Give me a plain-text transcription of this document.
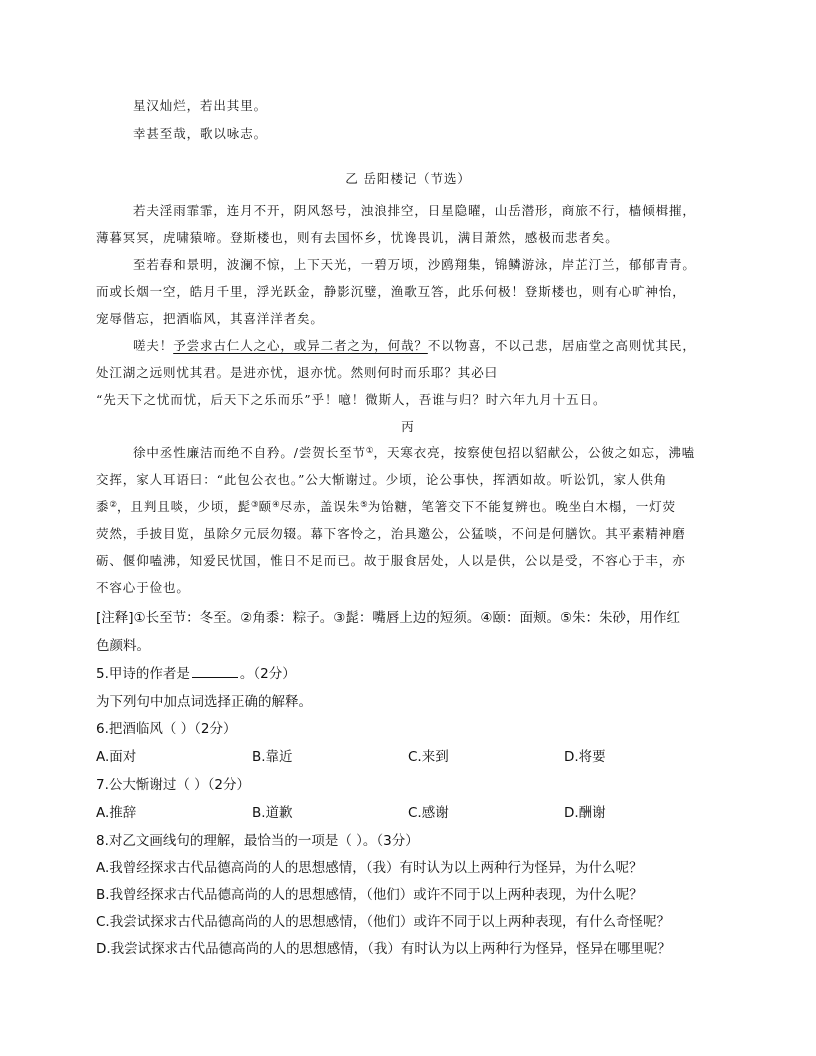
星汉灿烂，若出其里。
幸甚至哉，歌以咏志。
乙 岳阳楼记（节选）
若夫淫雨霏霏，连月不开，阴风怒号，浊浪排空，日星隐曜，山岳潜形，商旅不行，樯倾楫摧，
薄暮冥冥，虎啸猿啼。登斯楼也，则有去国怀乡，忧谗畏讥，满目萧然，感极而悲者矣。
至若春和景明，波澜不惊，上下天光，一碧万顷，沙鸥翔集，锦鳞游泳，岸芷汀兰，郁郁青青。
而或长烟一空，皓月千里，浮光跃金，静影沉璧，渔歌互答，此乐何极！登斯楼也，则有心旷神怡，
宠辱偕忘，把酒临风，其喜洋洋者矣。
嗟夫！予尝求古仁人之心，或异二者之为，何哉？不以物喜，不以己悲，居庙堂之高则忧其民，
处江湖之远则忧其君。是进亦忧，退亦忧。然则何时而乐耶？其必曰
“先天下之忧而忧，后天下之乐而乐”乎！噫！微斯人，吾谁与归？时六年九月十五日。
丙
徐中丞性廉洁而绝不自矜。/尝贺长至节①，天寒衣亮，按察使包招以貂献公，公彼之如忘，沸嗑
交挥，家人耳语曰：“此包公衣也。”公大惭谢过。少顷，论公事快，挥洒如故。听讼饥，家人供角
黍②，且判且啖，少顷，髭③颐④尽赤，盖误朱⑤为饴糖，笔箸交下不能复辨也。晚坐白木榻，一灯荧
荧然，手披目览，虽除夕元辰勿辍。幕下客怜之，治具邀公，公猛啖，不问是何膳饮。其平素精神磨
砺、偃仰嗑沸，知爱民忧国，惟日不足而已。故于服食居处，人以是供，公以是受，不容心于丰，亦
不容心于俭也。
[注释]①长至节：冬至。②角黍：粽子。③髭：嘴唇上边的短须。④颐：面颊。⑤朱：朱砂，用作红
色颜料。
5.甲诗的作者是	。（2分）
为下列句中加点词选择正确的解释。
6.把酒临风（ ）（2分）
A.面对	B.靠近	C.来到	D.将要
7.公大惭谢过（ ）（2分）
A.推辞	B.道歉	C.感谢	D.酬谢
8.对乙文画线句的理解，最恰当的一项是（ ）。（3分）
A.我曾经探求古代品德高尚的人的思想感情，（我）有时认为以上两种行为怪异，为什么呢？
B.我曾经探求古代品德高尚的人的思想感情，（他们）或许不同于以上两种表现，为什么呢？
C.我尝试探求古代品德高尚的人的思想感情，（他们）或许不同于以上两种表现，有什么奇怪呢？
D.我尝试探求古代品德高尚的人的思想感情，（我）有时认为以上两种行为怪异，怪异在哪里呢？
